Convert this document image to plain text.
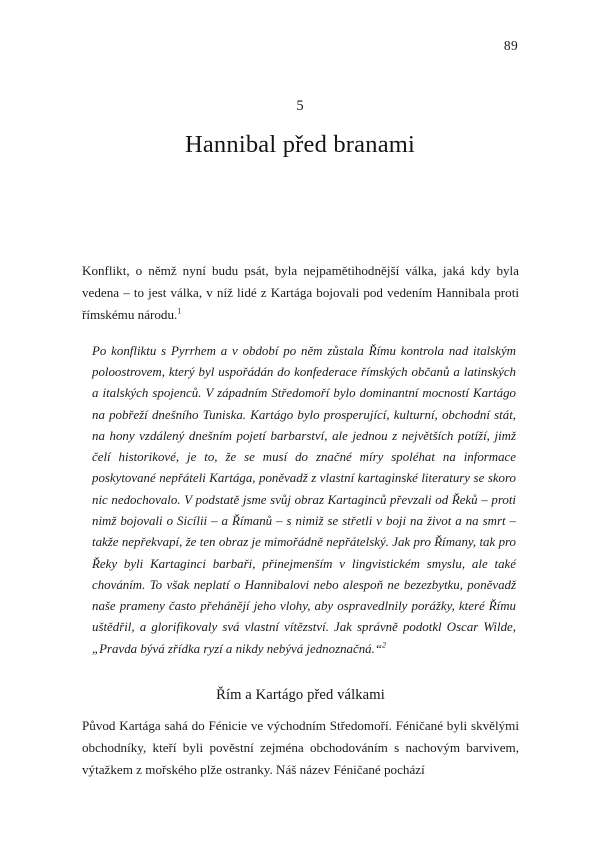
89
5
Hannibal před branami

Konflikt, o němž nyní budu psát, byla nejpamětihodnější válka, jaká kdy byla vedena – to jest válka, v níž lidé z Kartága bojovali pod vedením Hannibala proti římskému národu.$^1$

Po konfliktu s Pyrrhem a v období po něm zůstala Římu kontrola nad italským poloostrovem, který byl uspořádán do konfederace římských občanů a latinských a italských spojenců. V západním Středomoří bylo dominantní mocností Kartágo na pobřeží dnešního Tuniska. Kartágo bylo prosperující, kulturní, obchodní stát, na hony vzdálený dnešním pojetí barbarství, ale jednou z největších potíží, jimž čelí historikové, je to, že se musí do značné míry spoléhat na informace poskytované nepřáteli Kartága, poněvadž z vlastní kartaginské literatury se skoro nic nedochovalo. V podstatě jsme svůj obraz Kartaginců převzali od Řeků – proti nimž bojovali o Sicílii – a Římanů – s nimiž se střetli v boji na život a na smrt – takže nepřekvapí, že ten obraz je mimořádně nepřátelský. Jak pro Římany, tak pro Řeky byli Kartaginci barbaři, přinejmenším v lingvistickém smyslu, ale také chováním. To však neplatí o Hannibalovi nebo alespoň ne bezezbytku, poněvadž naše prameny často přehánějí jeho vlohy, aby ospravedlnily porážky, které Římu uštědřil, a glorifikovaly svá vlastní vítězství. Jak správně podotkl Oscar Wilde, „Pravda bývá zřídka ryzí a nikdy nebývá jednoznačná.“$^2$

Řím a Kartágo před válkami

Původ Kartága sahá do Fénicie ve východním Středomoří. Féničané byli skvělými obchodníky, kteří byli pověstní zejména obchodováním s nachovým barvivem, výtažkem z mořského plže ostranky. Náš název Féničané pochází
